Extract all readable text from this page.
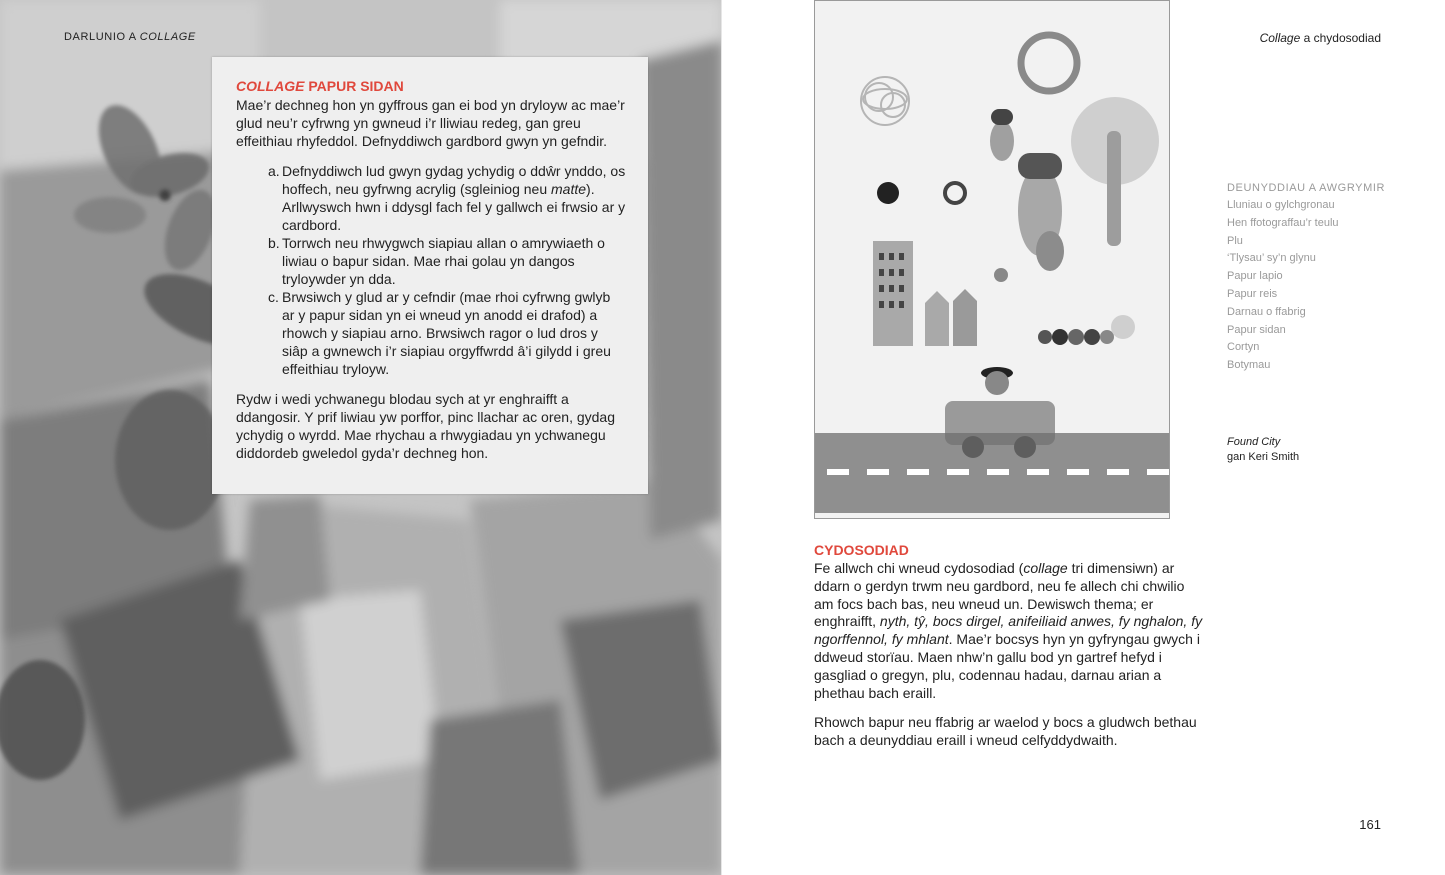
DARLUNIO A COLLAGE
COLLAGE PAPUR SIDAN

Mae’r dechneg hon yn gyffrous gan ei bod yn dryloyw ac mae’r glud neu’r cyfrwng yn gwneud i’r lliwiau redeg, gan greu effeithiau rhyfeddol. Defnyddiwch gardbord gwyn yn gefndir.

a. Defnyddiwch lud gwyn gydag ychydig o ddŵr ynddo, os hoffech, neu gyfrwng acrylig (sgleiniog neu matte). Arllwyswch hwn i ddysgl fach fel y gallwch ei frwsio ar y cardbord.
b. Torrwch neu rhwygwch siapiau allan o amrywiaeth o liwiau o bapur sidan. Mae rhai golau yn dangos tryloywder yn dda.
c. Brwsiwch y glud ar y cefndir (mae rhoi cyfrwng gwlyb ar y papur sidan yn ei wneud yn anodd ei drafod) a rhowch y siapiau arno. Brwsiwch ragor o lud dros y siâp a gwnewch i’r siapiau orgyffwrdd â’i gilydd i greu effeithiau tryloyw.

Rydw i wedi ychwanegu blodau sych at yr enghraifft a ddangosir. Y prif liwiau yw porffor, pinc llachar ac oren, gydag ychydig o wyrdd. Mae rhychau a rhwygiadau yn ychwanegu diddordeb gweledol gyda’r dechneg hon.

Collage a chydosodiad
DEUNYDDIAU A AWGRYMIR
Lluniau o gylchgronau
Hen ffotograffau’r teulu
Plu
‘Tlysau’ sy’n glynu
Papur lapio
Papur reis
Darnau o ffabrig
Papur sidan
Cortyn
Botymau
Found City
gan Keri Smith
CYDOSODIAD

Fe allwch chi wneud cydosodiad (collage tri dimensiwn) ar ddarn o gerdyn trwm neu gardbord, neu fe allech chi chwilio am focs bach bas, neu wneud un. Dewiswch thema; er enghraifft, nyth, tŷ, bocs dirgel, anifeiliaid anwes, fy nghalon, fy ngorffennol, fy mhlant. Mae’r bocsys hyn yn gyfryngau gwych i ddweud storïau. Maen nhw’n gallu bod yn gartref hefyd i gasgliad o gregyn, plu, codennau hadau, darnau arian a phethau bach eraill.

Rhowch bapur neu ffabrig ar waelod y bocs a gludwch bethau bach a deunyddiau eraill i wneud celfyddydwaith.

161
